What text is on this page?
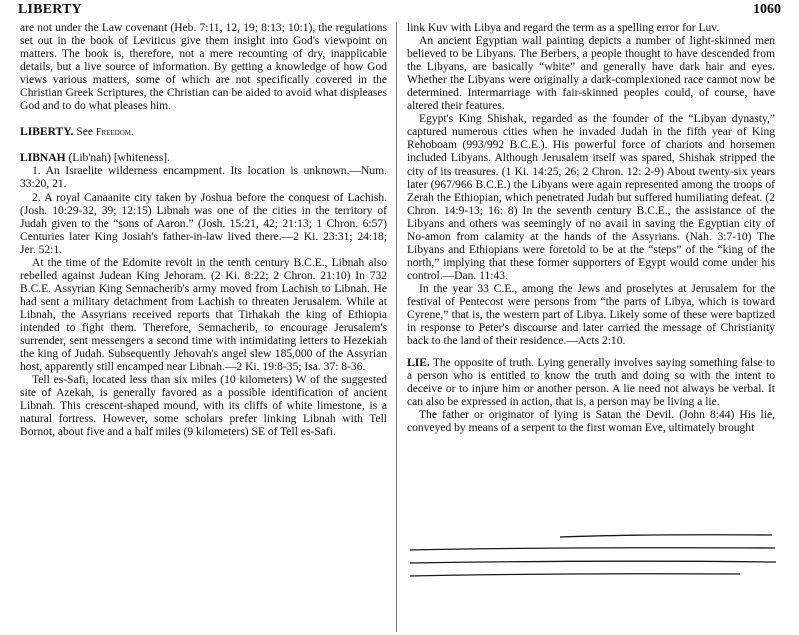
LIBERTY	1060

are not under the Law covenant (Heb. 7:11, 12, 19; 8:13; 10:1), the regulations set out in the book of Leviticus give them insight into God's viewpoint on matters. The book is, therefore, not a mere recounting of dry, inapplicable details, but a live source of information. By getting a knowledge of how God views various matters, some of which are not specifically covered in the Christian Greek Scriptures, the Christian can be aided to avoid what displeases God and to do what pleases him.

LIBERTY. See Freedom.

LIBNAH (Lib'nah) [whiteness].

1. An Israelite wilderness encampment. Its location is unknown.—Num. 33:20, 21.

2. A royal Canaanite city taken by Joshua before the conquest of Lachish. (Josh. 10:29-32, 39; 12:15) Libnah was one of the cities in the territory of Judah given to the “sons of Aaron.” (Josh. 15:21, 42; 21:13; 1 Chron. 6:57) Centuries later King Josiah's father-in-law lived there.—2 Ki. 23:31; 24:18; Jer. 52:1.

At the time of the Edomite revolt in the tenth century B.C.E., Libnah also rebelled against Judean King Jehoram. (2 Ki. 8:22; 2 Chron. 21:10) In 732 B.C.E. Assyrian King Sennacherib's army moved from Lachish to Libnah. He had sent a military detachment from Lachish to threaten Jerusalem. While at Libnah, the Assyrians received reports that Tirhakah the king of Ethiopia intended to fight them. Therefore, Sennacherib, to encourage Jerusalem's surrender, sent messengers a second time with intimidating letters to Hezekiah the king of Judah. Subsequently Jehovah's angel slew 185,000 of the Assyrian host, apparently still encamped near Libnah.—2 Ki. 19:8-35; Isa. 37: 8-36.

Tell es-Safi, located less than six miles (10 kilometers) W of the suggested site of Azekah, is generally favored as a possible identification of ancient Libnah. This crescent-shaped mound, with its cliffs of white limestone, is a natural fortress. However, some scholars prefer linking Libnah with Tell Bornot, about five and a half miles (9 kilometers) SE of Tell es-Safi.

link Kuv with Libya and regard the term as a spelling error for Luv.

An ancient Egyptian wall painting depicts a number of light-skinned men believed to be Libyans. The Berbers, a people thought to have descended from the Libyans, are basically “white” and generally have dark hair and eyes. Whether the Libyans were originally a dark-complexioned race cannot now be determined. Intermarriage with fair-skinned peoples could, of course, have altered their features.

Egypt's King Shishak, regarded as the founder of the “Libyan dynasty,” captured numerous cities when he invaded Judah in the fifth year of King Rehoboam (993/992 B.C.E.). His powerful force of chariots and horsemen included Libyans. Although Jerusalem itself was spared, Shishak stripped the city of its treasures. (1 Ki. 14:25, 26; 2 Chron. 12: 2-9) About twenty-six years later (967/966 B.C.E.) the Libyans were again represented among the troops of Zerah the Ethiopian, which penetrated Judah but suffered humiliating defeat. (2 Chron. 14:9-13; 16: 8) In the seventh century B.C.E., the assistance of the Libyans and others was seemingly of no avail in saving the Egyptian city of No-amon from calamity at the hands of the Assyrians. (Nah. 3:7-10) The Libyans and Ethiopians were foretold to be at the “steps” of the “king of the north,” implying that these former supporters of Egypt would come under his control.—Dan. 11:43.

In the year 33 C.E., among the Jews and proselytes at Jerusalem for the festival of Pentecost were persons from “the parts of Libya, which is toward Cyrene,” that is, the western part of Libya. Likely some of these were baptized in response to Peter's discourse and later carried the message of Christianity back to the land of their residence.—Acts 2:10.

LIE. The opposite of truth. Lying generally involves saying something false to a person who is entitled to know the truth and doing so with the intent to deceive or to injure him or another person. A lie need not always be verbal. It can also be expressed in action, that is, a person may be living a lie.

The father or originator of lying is Satan the Devil. (John 8:44) His lie, conveyed by means of a serpent to the first woman Eve, ultimately brought
